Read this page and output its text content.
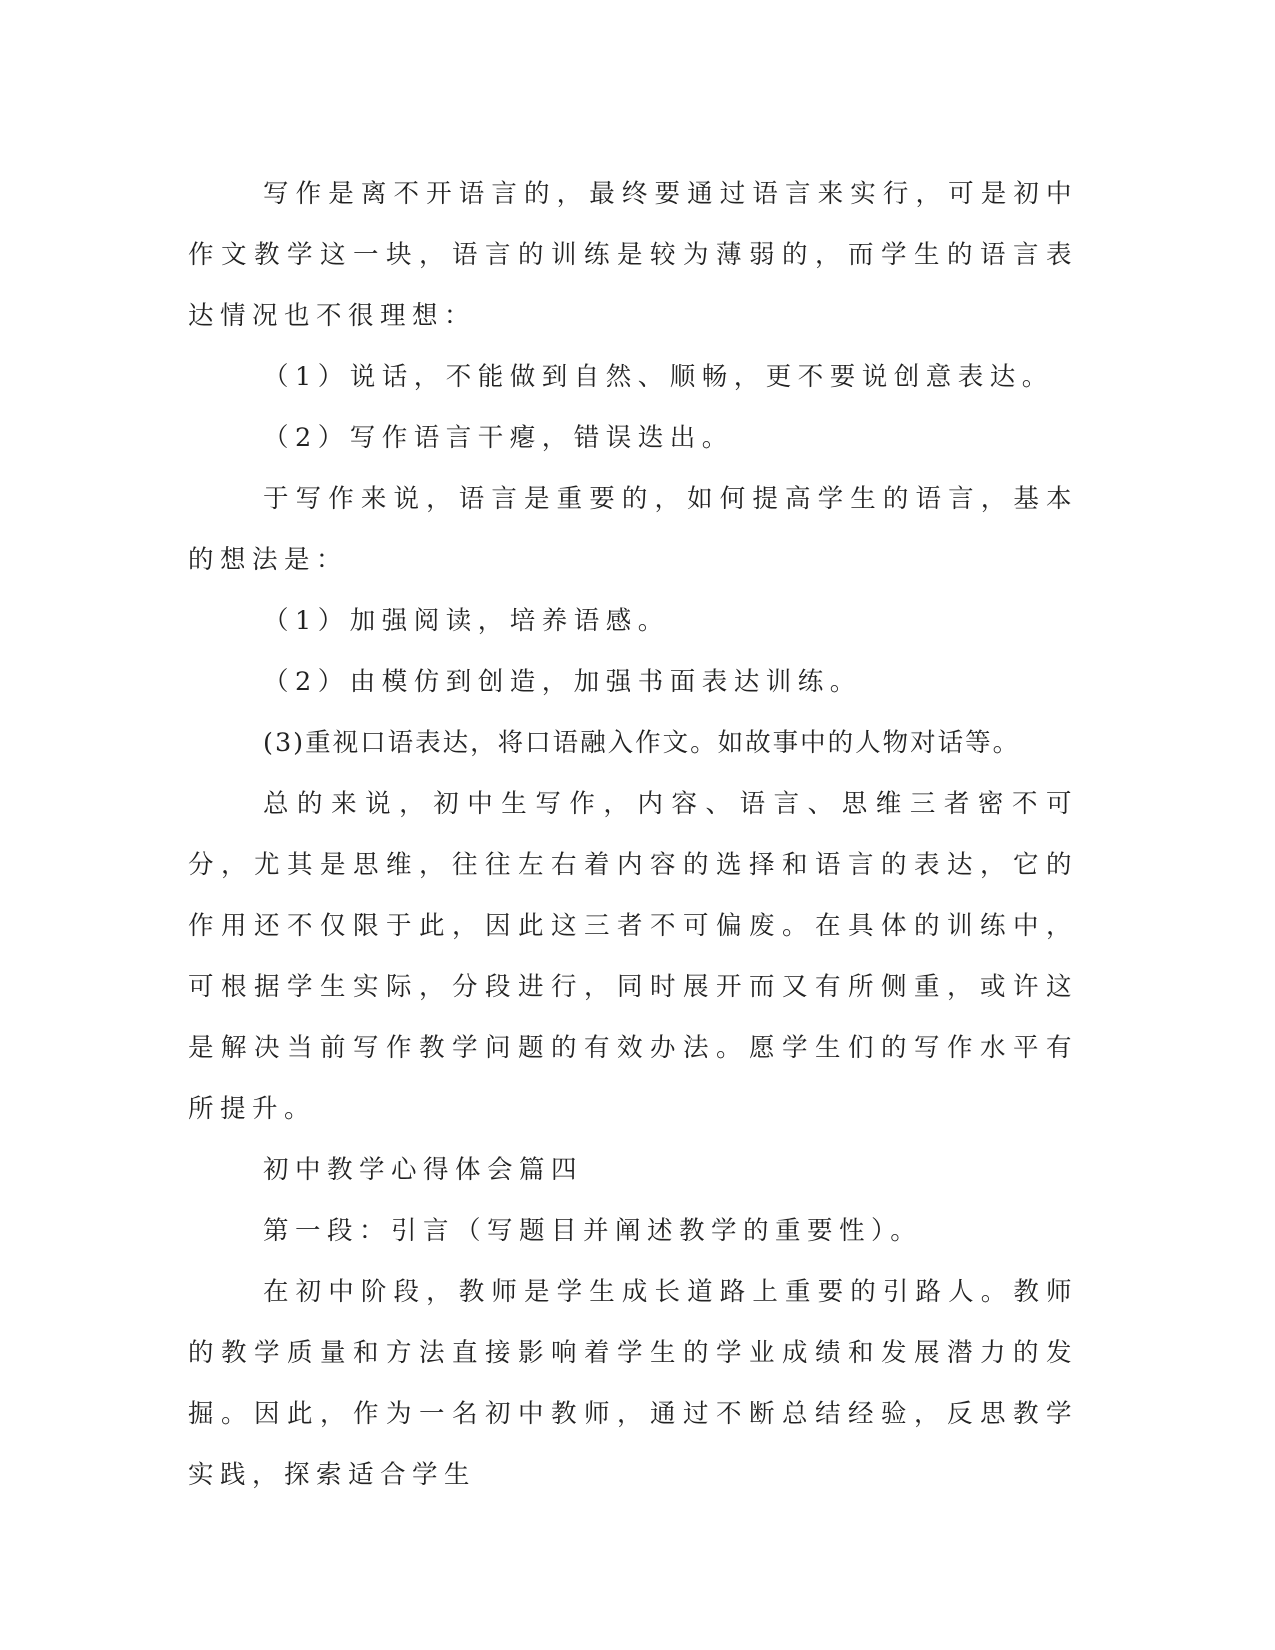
写作是离不开语言的，最终要通过语言来实行，可是初中作文教学这一块，语言的训练是较为薄弱的，而学生的语言表达情况也不很理想：

（1）说话，不能做到自然、顺畅，更不要说创意表达。

（2）写作语言干瘪，错误迭出。

于写作来说，语言是重要的，如何提高学生的语言，基本的想法是：

（1）加强阅读，培养语感。

（2）由模仿到创造，加强书面表达训练。

(3)重视口语表达，将口语融入作文。如故事中的人物对话等。

总的来说，初中生写作，内容、语言、思维三者密不可分，尤其是思维，往往左右着内容的选择和语言的表达，它的作用还不仅限于此，因此这三者不可偏废。在具体的训练中，可根据学生实际，分段进行，同时展开而又有所侧重，或许这是解决当前写作教学问题的有效办法。愿学生们的写作水平有所提升。

初中教学心得体会篇四

第一段：引言（写题目并阐述教学的重要性）。

在初中阶段，教师是学生成长道路上重要的引路人。教师的教学质量和方法直接影响着学生的学业成绩和发展潜力的发掘。因此，作为一名初中教师，通过不断总结经验，反思教学实践，探索适合学生
